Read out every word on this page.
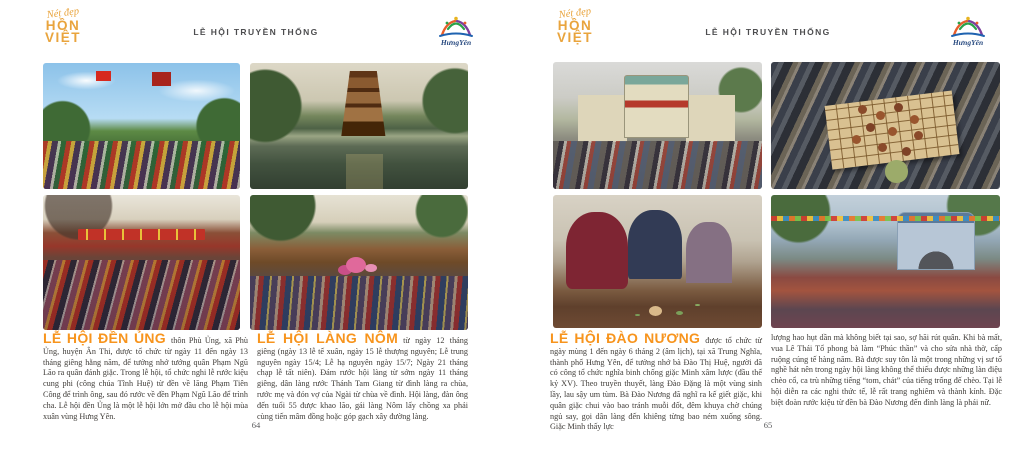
Nét đẹp
HỒN
VIỆT	LỄ HỘI TRUYỀN THỐNG
HưngYên

LỄ HỘI ĐỀN ỦNG thôn Phù Ủng, xã Phù Ủng, huyện Ân Thi, được tổ chức từ ngày 11 đến ngày 13 tháng giêng hằng năm, để tưởng nhớ tướng quân Phạm Ngũ Lão ra quân đánh giặc. Trong lễ hội, tổ chức nghi lễ rước kiệu cung phi (công chúa Tĩnh Huệ) từ đền về lăng Phạm Tiên Công để trình ông, sau đó rước về đền Phạm Ngũ Lão để trình cha. Lễ hội đền Ủng là một lễ hội lớn mở đầu cho lễ hội mùa xuân vùng Hưng Yên.

LỄ HỘI LÀNG NÔM từ ngày 12 tháng giêng (ngày 13 lễ tế xuân, ngày 15 lễ thượng nguyên; Lễ trung nguyên ngày 15/4; Lễ hạ nguyên ngày 15/7; Ngày 21 tháng chạp lễ tất niên). Đám rước hội làng từ sớm ngày 11 tháng giêng, dân làng rước Thánh Tam Giang từ đình làng ra chùa, rước mẹ và đón vợ của Ngài từ chùa về đình. Hội làng, đàn ông đến tuổi 55 được khao lão, gái làng Nôm lấy chồng xa phải cùng tiến mâm đồng hoặc góp gạch xây đường làng.

64
Nét đẹp
HỒN
VIỆT	LỄ HỘI TRUYỀN THỐNG
HưngYên

LỄ HỘI ĐÀO NƯƠNG được tổ chức từ ngày mùng 1 đến ngày 6 tháng 2 (âm lịch), tại xã Trung Nghĩa, thành phố Hưng Yên, để tưởng nhớ bà Đào Thị Huệ, người đã có công tổ chức nghĩa binh chống giặc Minh xâm lược (đầu thế kỷ XV). Theo truyền thuyết, làng Đào Đặng là một vùng sinh lầy, lau sậy um tùm. Bà Đào Nương đã nghĩ ra kế giết giặc, khi quân giặc chui vào bao tránh muỗi đốt, đêm khuya chờ chúng ngủ say, gọi dân làng đến khiêng từng bao ném xuống sông. Giặc Minh thấy lực

lượng hao hụt dần mà không biết tại sao, sợ hãi rút quân. Khi bà mất, vua Lê Thái Tổ phong bà làm “Phúc thần” và cho sửa nhà thờ, cấp ruộng cúng tế hàng năm. Bà được suy tôn là một trong những vị sư tổ nghề hát nên trong ngày hội làng không thể thiếu được những làn điệu chèo cổ, ca trù những tiếng “tom, chát” của tiếng trống đế chèo. Tại lễ hội diễn ra các nghi thức tế, lễ rất trang nghiêm và thành kính. Đặc biệt đoàn rước kiệu từ đền bà Đào Nương đến đình làng là phái nữ.

65
